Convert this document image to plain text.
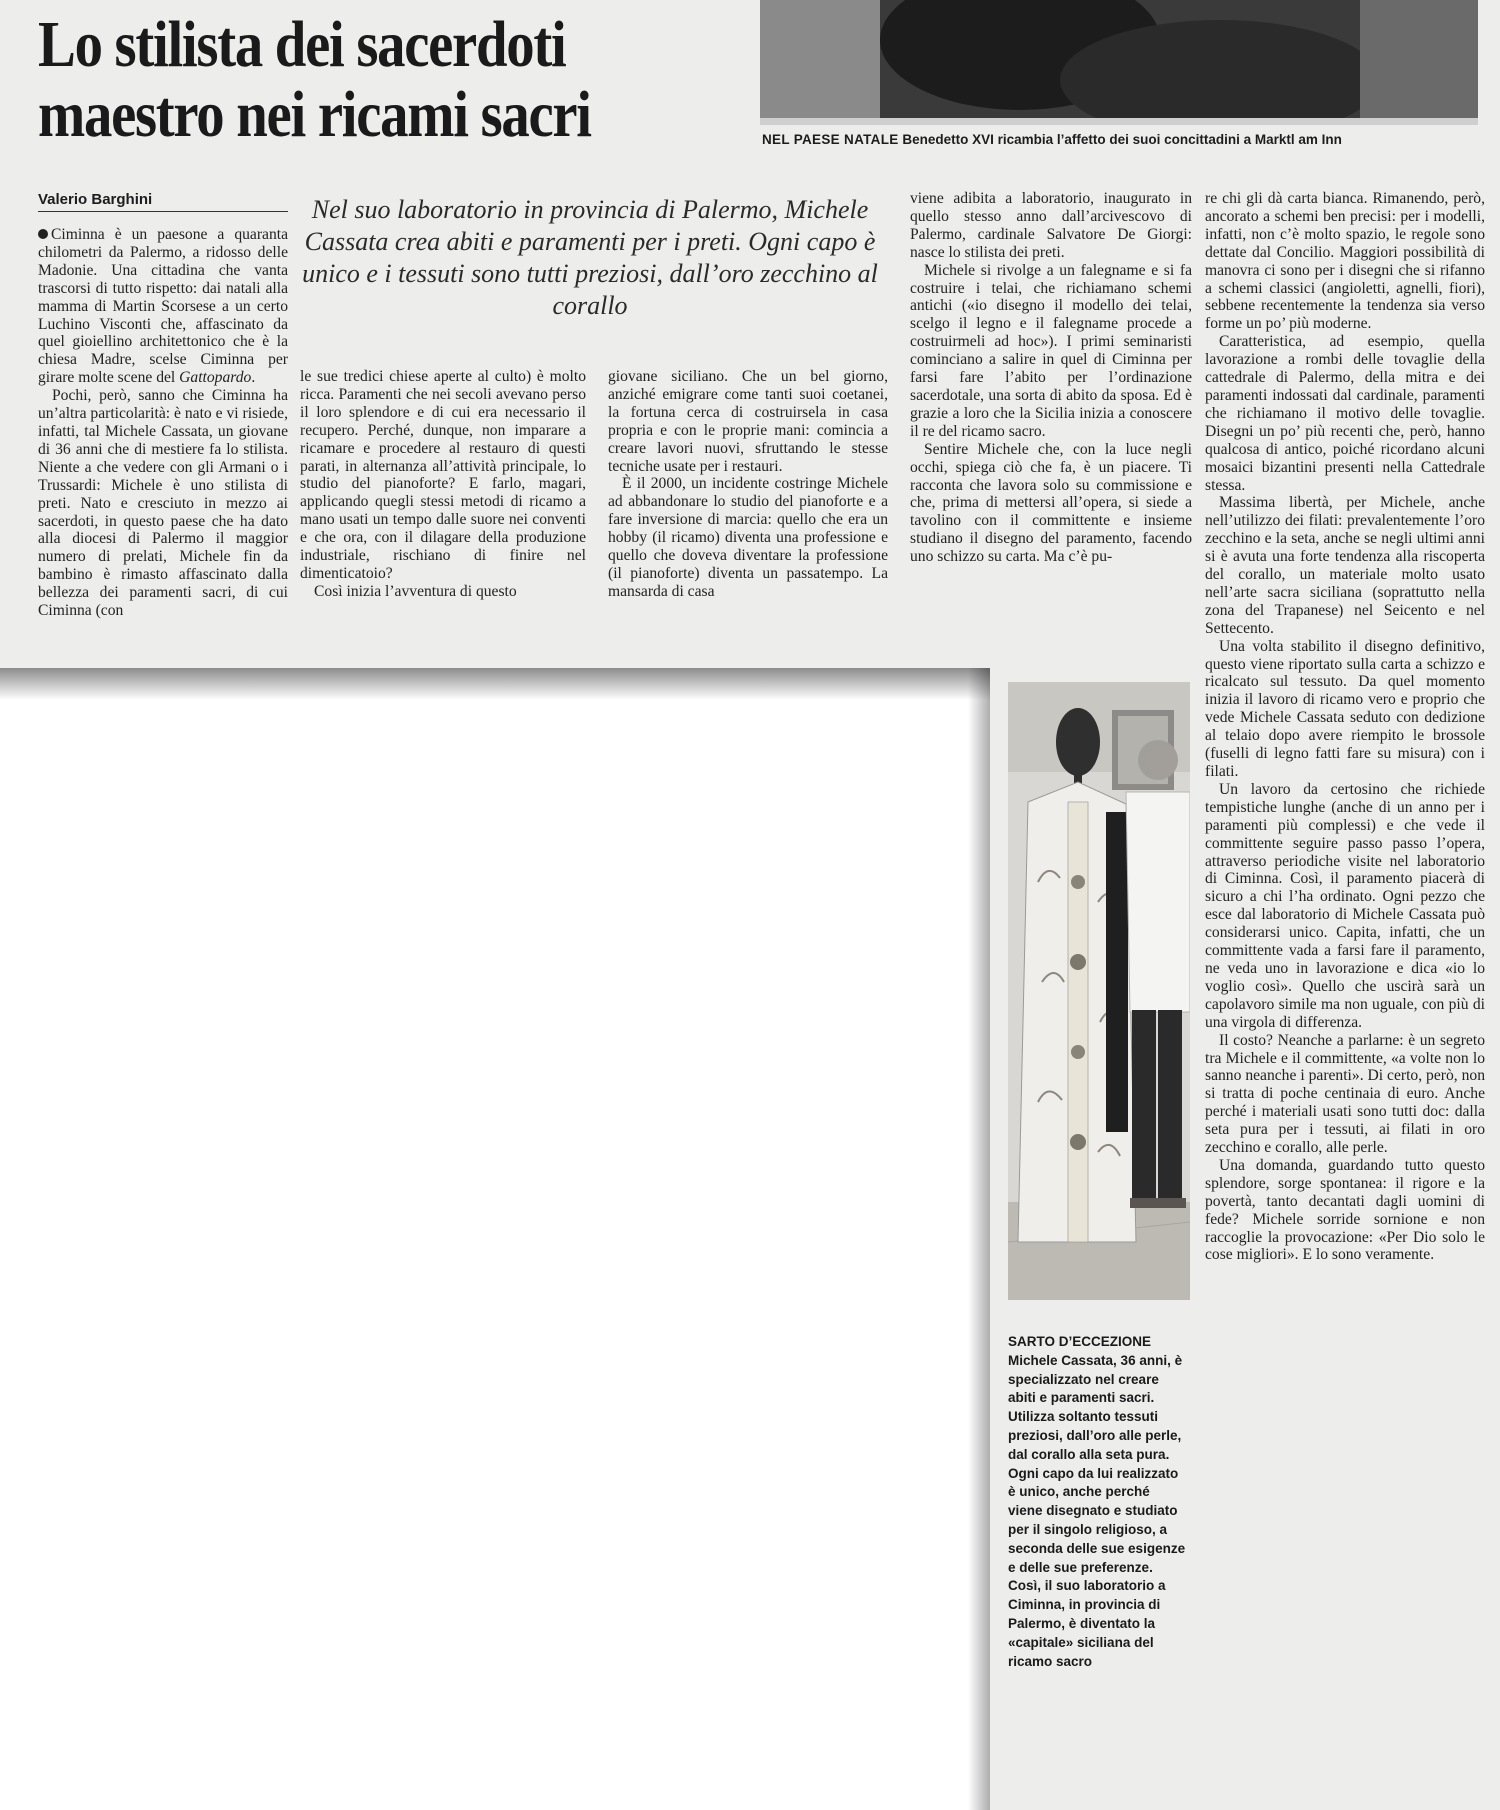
NEL PAESE NATALE Benedetto XVI ricambia l’affetto dei suoi concittadini a Marktl am Inn
Lo stilista dei sacerdoti maestro nei ricami sacri
Valerio Barghini	Nel suo laboratorio in provincia di Palermo, Michele Cassata crea abiti e paramenti per i preti. Ogni capo è unico e i tessuti sono tutti preziosi, dall’oro zecchino al corallo

Ciminna è un paesone a quaranta chilometri da Palermo, a ridosso delle Madonie. Una cittadina che vanta trascorsi di tutto rispetto: dai natali alla mamma di Martin Scorsese a un certo Luchino Visconti che, affascinato da quel gioiellino architettonico che è la chiesa Madre, scelse Ciminna per girare molte scene del Gattopardo.

Pochi, però, sanno che Ciminna ha un’altra particolarità: è nato e vi risiede, infatti, tal Michele Cassata, un giovane di 36 anni che di mestiere fa lo stilista. Niente a che vedere con gli Armani o i Trussardi: Michele è uno stilista di preti. Nato e cresciuto in mezzo ai sacerdoti, in questo paese che ha dato alla diocesi di Palermo il maggior numero di prelati, Michele fin da bambino è rimasto affascinato dalla bellezza dei paramenti sacri, di cui Ciminna (con

le sue tredici chiese aperte al culto) è molto ricca. Paramenti che nei secoli avevano perso il loro splendore e di cui era necessario il recupero. Perché, dunque, non imparare a ricamare e procedere al restauro di questi parati, in alternanza all’attività principale, lo studio del pianoforte? E farlo, magari, applicando quegli stessi metodi di ricamo a mano usati un tempo dalle suore nei conventi e che ora, con il dilagare della produzione industriale, rischiano di finire nel dimenticatoio?

Così inizia l’avventura di questo

giovane siciliano. Che un bel giorno, anziché emigrare come tanti suoi coetanei, la fortuna cerca di costruirsela in casa propria e con le proprie mani: comincia a creare lavori nuovi, sfruttando le stesse tecniche usate per i restauri.

È il 2000, un incidente costringe Michele ad abbandonare lo studio del pianoforte e a fare inversione di marcia: quello che era un hobby (il ricamo) diventa una professione e quello che doveva diventare la professione (il pianoforte) diventa un passatempo. La mansarda di casa

viene adibita a laboratorio, inaugurato in quello stesso anno dall’arcivescovo di Palermo, cardinale Salvatore De Giorgi: nasce lo stilista dei preti.

Michele si rivolge a un falegname e si fa costruire i telai, che richiamano schemi antichi («io disegno il modello dei telai, scelgo il legno e il falegname procede a costruirmeli ad hoc»). I primi seminaristi cominciano a salire in quel di Ciminna per farsi fare l’abito per l’ordinazione sacerdotale, una sorta di abito da sposa. Ed è grazie a loro che la Sicilia inizia a conoscere il re del ricamo sacro.

Sentire Michele che, con la luce negli occhi, spiega ciò che fa, è un piacere. Ti racconta che lavora solo su commissione e che, prima di mettersi all’opera, si siede a tavolino con il committente e insieme studiano il disegno del paramento, facendo uno schizzo su carta. Ma c’è pu-

re chi gli dà carta bianca. Rimanendo, però, ancorato a schemi ben precisi: per i modelli, infatti, non c’è molto spazio, le regole sono dettate dal Concilio. Maggiori possibilità di manovra ci sono per i disegni che si rifanno a schemi classici (angioletti, agnelli, fiori), sebbene recentemente la tendenza sia verso forme un po’ più moderne.

Caratteristica, ad esempio, quella lavorazione a rombi delle tovaglie della cattedrale di Palermo, della mitra e dei paramenti indossati dal cardinale, paramenti che richiamano il motivo delle tovaglie. Disegni un po’ più recenti che, però, hanno qualcosa di antico, poiché ricordano alcuni mosaici bizantini presenti nella Cattedrale stessa.

Massima libertà, per Michele, anche nell’utilizzo dei filati: prevalentemente l’oro zecchino e la seta, anche se negli ultimi anni si è avuta una forte tendenza alla riscoperta del corallo, un materiale molto usato nell’arte sacra siciliana (soprattutto nella zona del Trapanese) nel Seicento e nel Settecento.

Una volta stabilito il disegno definitivo, questo viene riportato sulla carta a schizzo e ricalcato sul tessuto. Da quel momento inizia il lavoro di ricamo vero e proprio che vede Michele Cassata seduto con dedizione al telaio dopo avere riempito le brossole (fuselli di legno fatti fare su misura) con i filati.

Un lavoro da certosino che richiede tempistiche lunghe (anche di un anno per i paramenti più complessi) e che vede il committente seguire passo passo l’opera, attraverso periodiche visite nel laboratorio di Ciminna. Così, il paramento piacerà di sicuro a chi l’ha ordinato. Ogni pezzo che esce dal laboratorio di Michele Cassata può considerarsi unico. Capita, infatti, che un committente vada a farsi fare il paramento, ne veda uno in lavorazione e dica «io lo voglio così». Quello che uscirà sarà un capolavoro simile ma non uguale, con più di una virgola di differenza.

Il costo? Neanche a parlarne: è un segreto tra Michele e il committente, «a volte non lo sanno neanche i parenti». Di certo, però, non si tratta di poche centinaia di euro. Anche perché i materiali usati sono tutti doc: dalla seta pura per i tessuti, ai filati in oro zecchino e corallo, alle perle.

Una domanda, guardando tutto questo splendore, sorge spontanea: il rigore e la povertà, tanto decantati dagli uomini di fede? Michele sorride sornione e non raccoglie la provocazione: «Per Dio solo le cose migliori». E lo sono veramente.

SARTO D’ECCEZIONE
Michele Cassata, 36 anni, è specializzato nel creare abiti e paramenti sacri. Utilizza soltanto tessuti preziosi, dall’oro alle perle, dal corallo alla seta pura. Ogni capo da lui realizzato è unico, anche perché viene disegnato e studiato per il singolo religioso, a seconda delle sue esigenze e delle sue preferenze. Così, il suo laboratorio a Ciminna, in provincia di Palermo, è diventato la «capitale» siciliana del ricamo sacro
